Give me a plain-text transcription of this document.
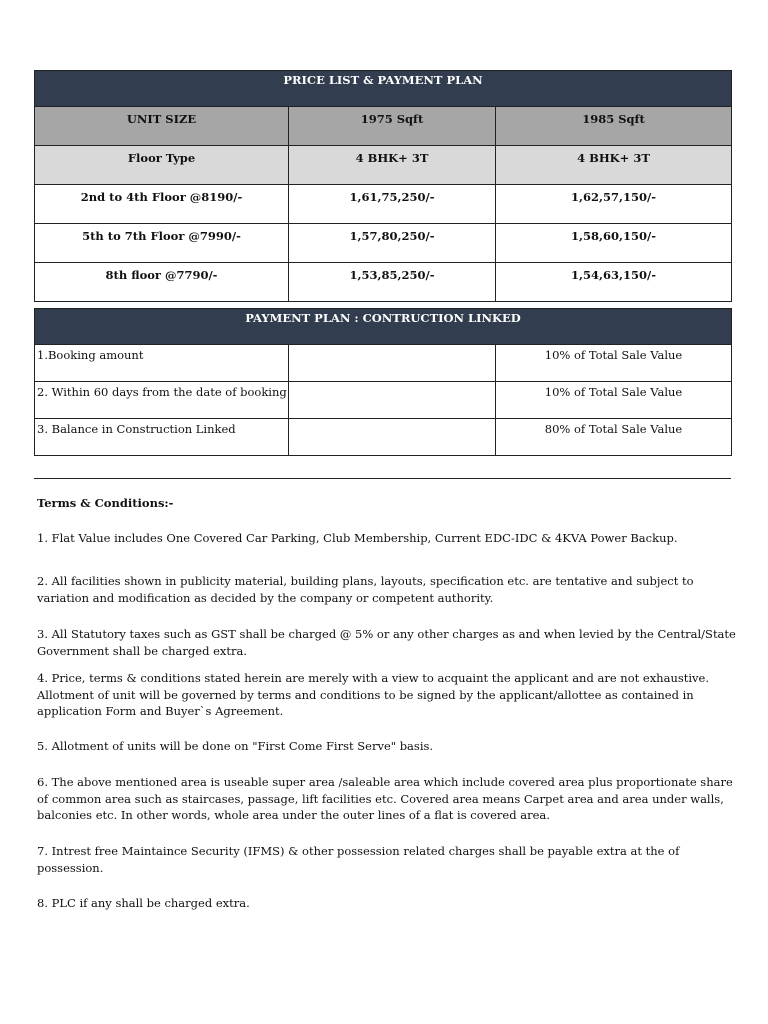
PRICE LIST & PAYMENT PLAN		
UNIT SIZE	1975 Sqft	1985 Sqft
Floor Type	4 BHK+ 3T	4 BHK+ 3T
2nd to 4th Floor @8190/-	1,61,75,250/-	1,62,57,150/-
5th to 7th Floor @7990/-	1,57,80,250/-	1,58,60,150/-
8th floor @7790/-	1,53,85,250/-	1,54,63,150/-
PAYMENT PLAN : CONTRUCTION LINKED		
1.Booking amount		10% of Total Sale Value
2. Within 60 days from the date of booking		10% of Total Sale Value
3. Balance in Construction Linked		80% of Total Sale Value
Terms & Conditions:-
1. Flat Value includes One Covered Car Parking, Club Membership, Current EDC-IDC & 4KVA Power Backup.
2. All facilities shown in publicity material, building plans, layouts, specification etc. are tentative and subject to variation and modification as decided by the company or competent authority.
3. All Statutory taxes such as GST shall be charged @ 5% or any other charges as and when levied by the Central/State Government shall be charged extra.
4. Price, terms & conditions stated herein are merely with a view to acquaint the applicant and are not exhaustive. Allotment of unit will be governed by terms and conditions to be signed by the applicant/allottee as contained in application Form and Buyer`s Agreement.
5. Allotment of units will be done on "First Come First Serve" basis.
6. The above mentioned area is useable super area /saleable area which include covered area plus proportionate share of common area such as staircases, passage, lift facilities etc. Covered area means Carpet area and area under walls, balconies etc. In other words, whole area under the outer lines of a flat is covered area.
7. Intrest free Maintaince Security (IFMS) & other possession related charges shall be payable extra at the of possession.
8. PLC if any shall be charged extra.
